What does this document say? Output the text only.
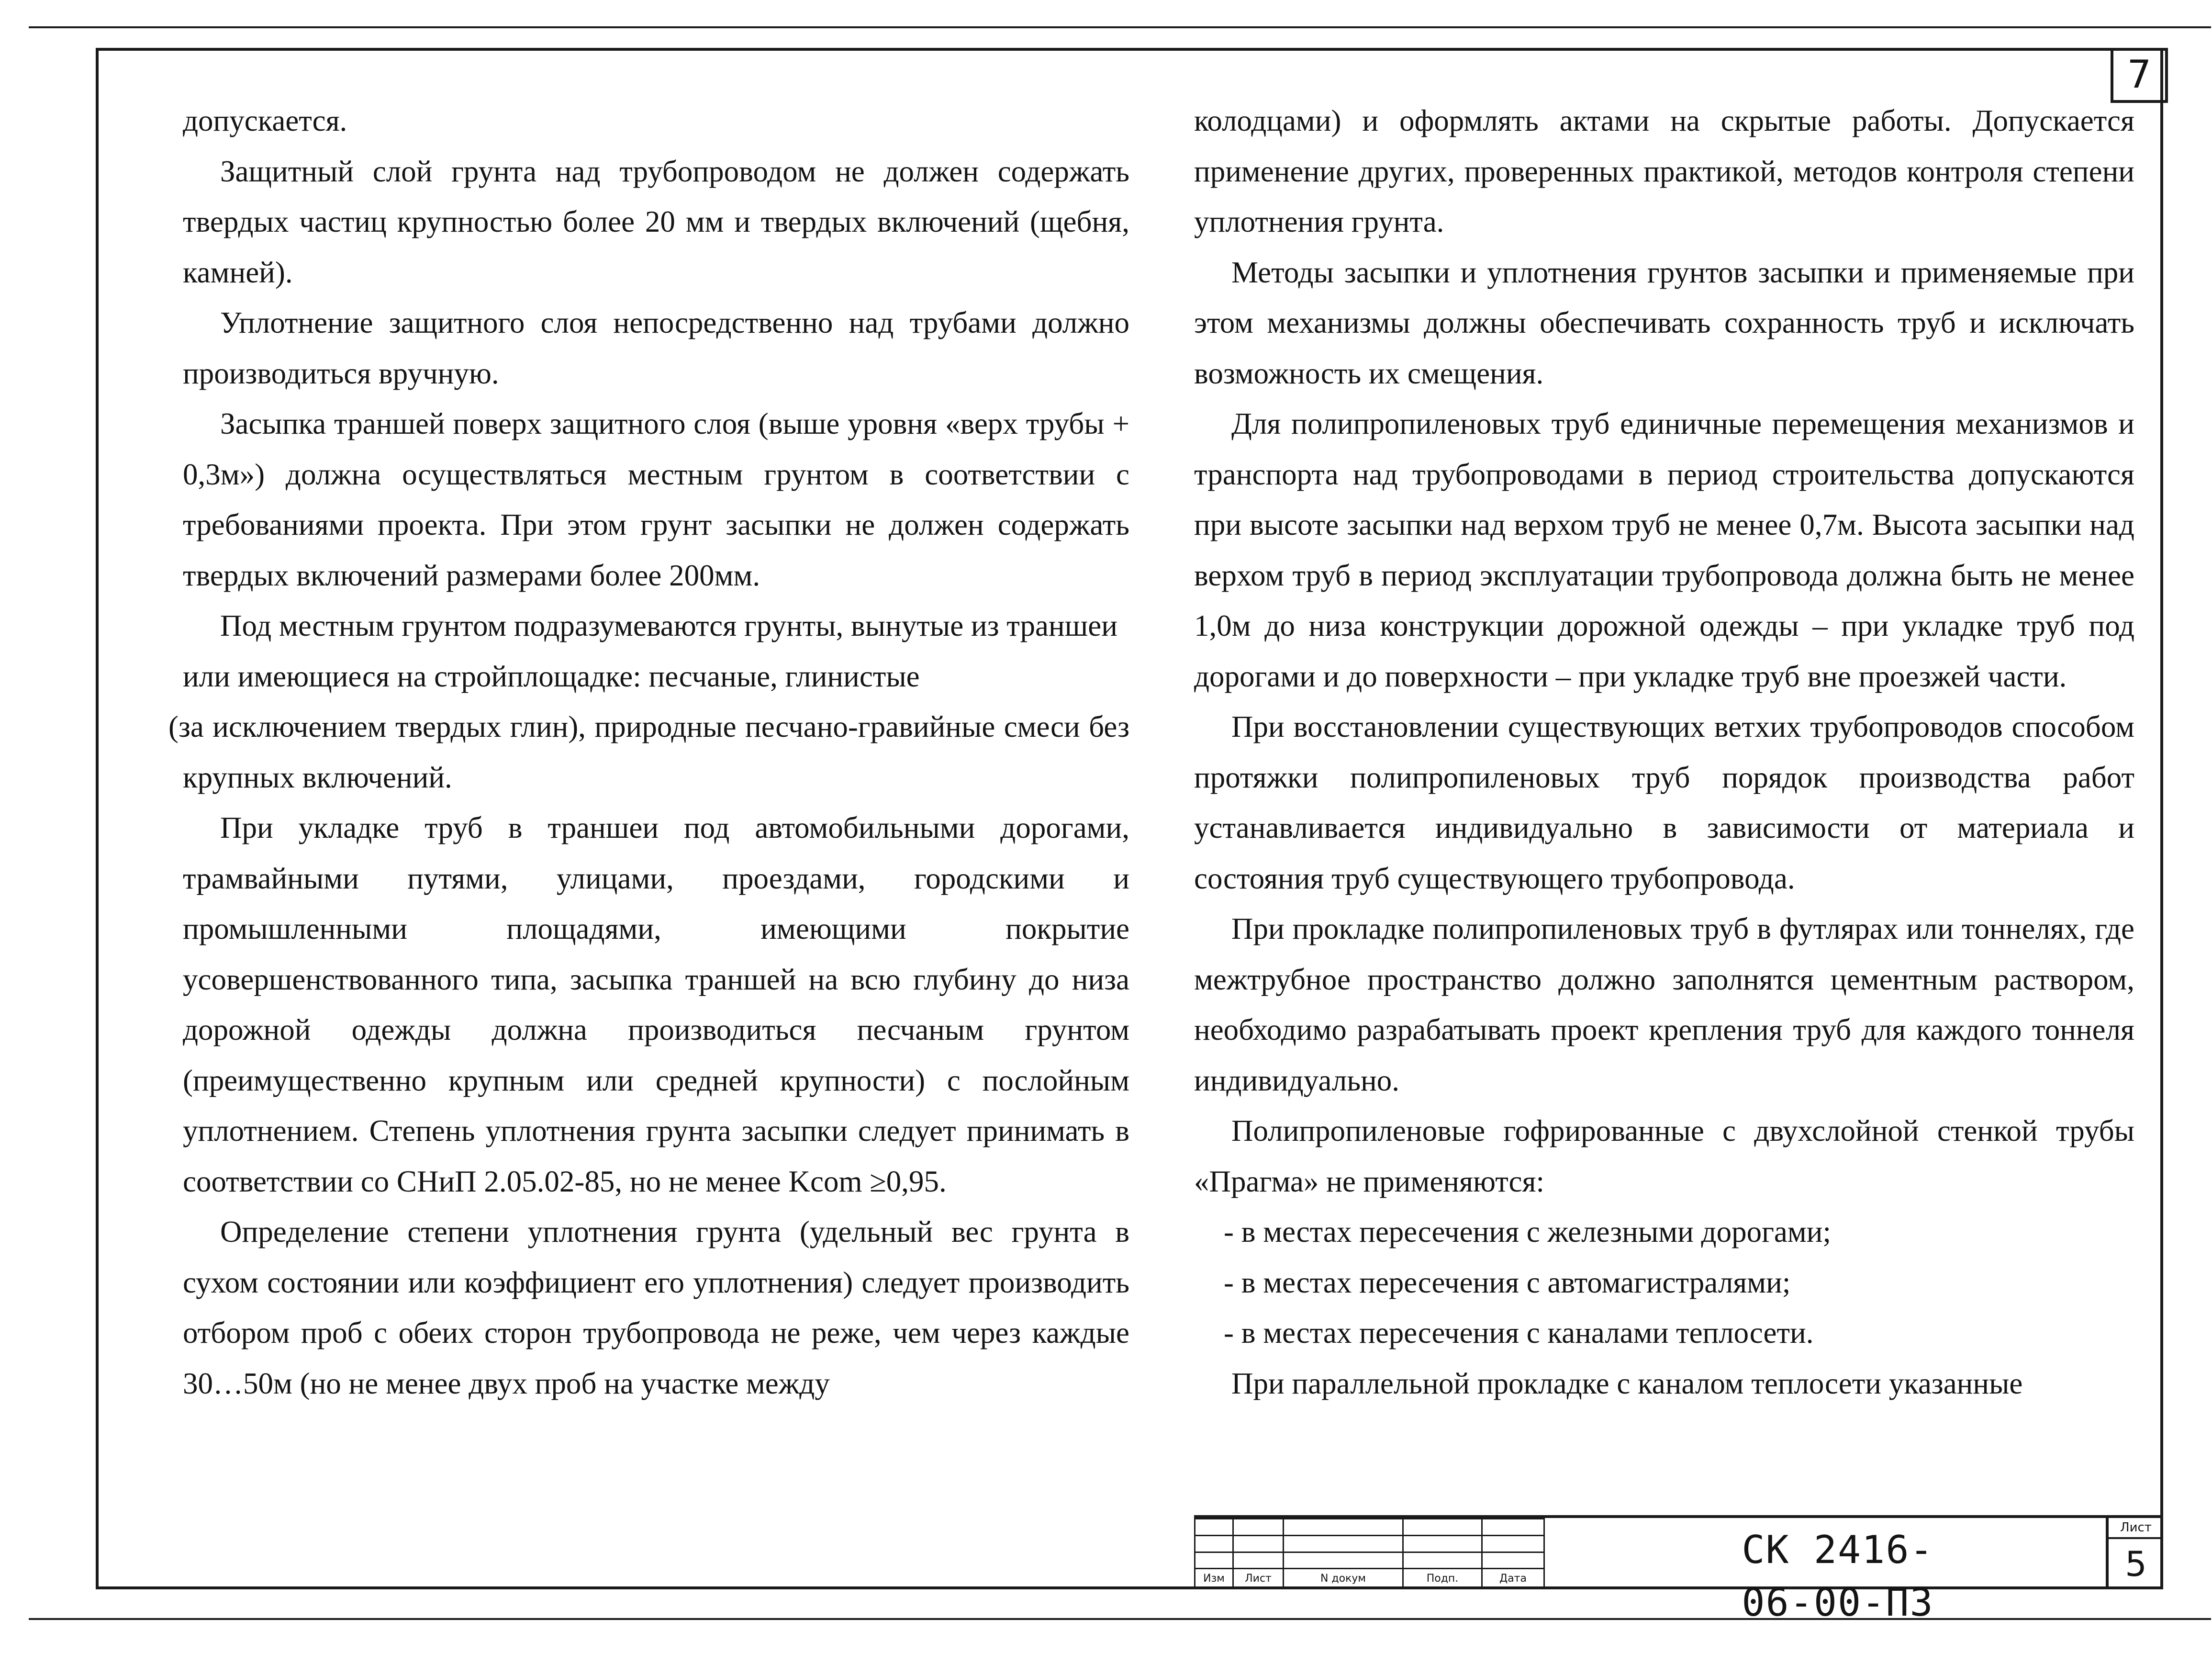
7

допускается.

Защитный слой грунта над трубопроводом не должен содержать твердых частиц крупностью более 20 мм и твердых включений (щебня, камней).

Уплотнение защитного слоя непосредственно над трубами должно производиться вручную.

Засыпка траншей поверх защитного слоя (выше уровня «верх трубы + 0,3м») должна осуществляться местным грунтом в соответствии с требованиями проекта. При этом грунт засыпки не должен содержать твердых включений размерами более 200мм.

Под местным грунтом подразумеваются грунты, вынутые из траншеи или имеющиеся на стройплощадке: песчаные, глинистые

(за исключением твердых глин), природные песчано-гравийные смеси без крупных включений.

При укладке труб в траншеи под автомобильными дорогами, трамвайными путями, улицами, проездами, городскими и промышленными площадями, имеющими покрытие усовершенствованного типа, засыпка траншей на всю глубину до низа дорожной одежды должна производиться песчаным грунтом (преимущественно крупным или средней крупности) с послойным уплотнением. Степень уплотнения грунта засыпки следует принимать в соответствии со СНиП 2.05.02-85, но не менее Kсom ≥0,95.

Определение степени уплотнения грунта (удельный вес грунта в сухом состоянии или коэффициент его уплотнения) следует производить отбором проб с обеих сторон трубопровода не реже, чем через каждые 30…50м (но не менее двух проб на участке между

колодцами) и оформлять актами на скрытые работы. Допускается применение других, проверенных практикой, методов контроля степени уплотнения грунта.

Методы засыпки и уплотнения грунтов засыпки и применяемые при этом механизмы должны обеспечивать сохранность труб и исключать возможность их смещения.

Для полипропиленовых труб единичные перемещения механизмов и транспорта над трубопроводами в период строительства допускаются при высоте засыпки над верхом труб не менее 0,7м. Высота засыпки над верхом труб в период эксплуатации трубопровода должна быть не менее 1,0м до низа конструкции дорожной одежды – при укладке труб под дорогами и до поверхности – при укладке труб вне проезжей части.

При восстановлении существующих ветхих трубопроводов способом протяжки полипропиленовых труб порядок производства работ устанавливается индивидуально в зависимости от материала и состояния труб существующего трубопровода.

При прокладке полипропиленовых труб в футлярах или тоннелях, где межтрубное пространство должно заполнятся цементным раствором, необходимо разрабатывать проект крепления труб для каждого тоннеля индивидуально.

Полипропиленовые гофрированные с двухслойной стенкой трубы «Прагма» не применяются:

- в местах пересечения с железными дорогами;

- в местах пересечения с автомагистралями;

- в местах пересечения с каналами теплосети.

При параллельной прокладке с каналом теплосети указанные

Изм	Лист	N докум	Подп.	Дата
СК 2416-06-00-ПЗ
Лист
5
